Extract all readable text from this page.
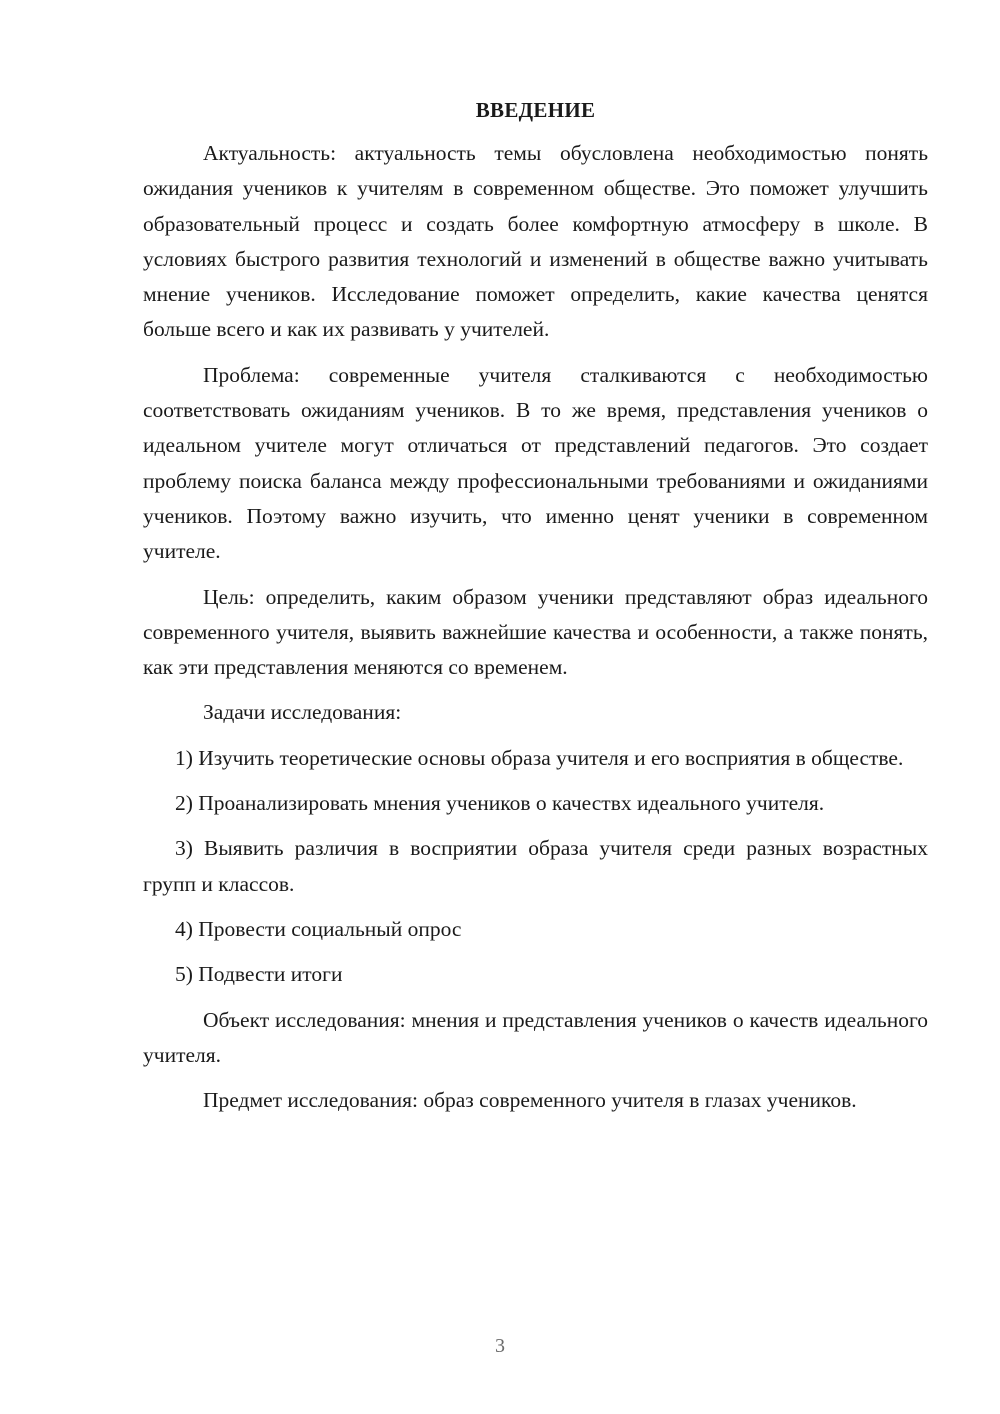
ВВЕДЕНИЕ

Актуальность: актуальность темы обусловлена необходимостью понять ожидания учеников к учителям в современном обществе. Это поможет улучшить образовательный процесс и создать более комфортную атмосферу в школе. В условиях быстрого развития технологий и изменений в обществе важно учитывать мнение учеников. Исследование поможет определить, какие качества ценятся больше всего и как их развивать у учителей.

Проблема: современные учителя сталкиваются с необходимостью соответствовать ожиданиям учеников. В то же время, представления учеников о идеальном учителе могут отличаться от представлений педагогов. Это создает проблему поиска баланса между профессиональными требованиями и ожиданиями учеников. Поэтому важно изучить, что именно ценят ученики в современном учителе.

Цель: определить, каким образом ученики представляют образ идеального современного учителя, выявить важнейшие качества и особенности, а также понять, как эти представления меняются со временем.

Задачи исследования:

1) Изучить теоретические основы образа учителя и его восприятия в обществе.

2) Проанализировать мнения учеников о качествх идеального учителя.

3) Выявить различия в восприятии образа учителя среди разных возрастных групп и классов.

4) Провести социальный опрос

5) Подвести итоги

Объект исследования: мнения и представления учеников о качеств идеального учителя.

Предмет исследования: образ современного учителя в глазах учеников.

3
